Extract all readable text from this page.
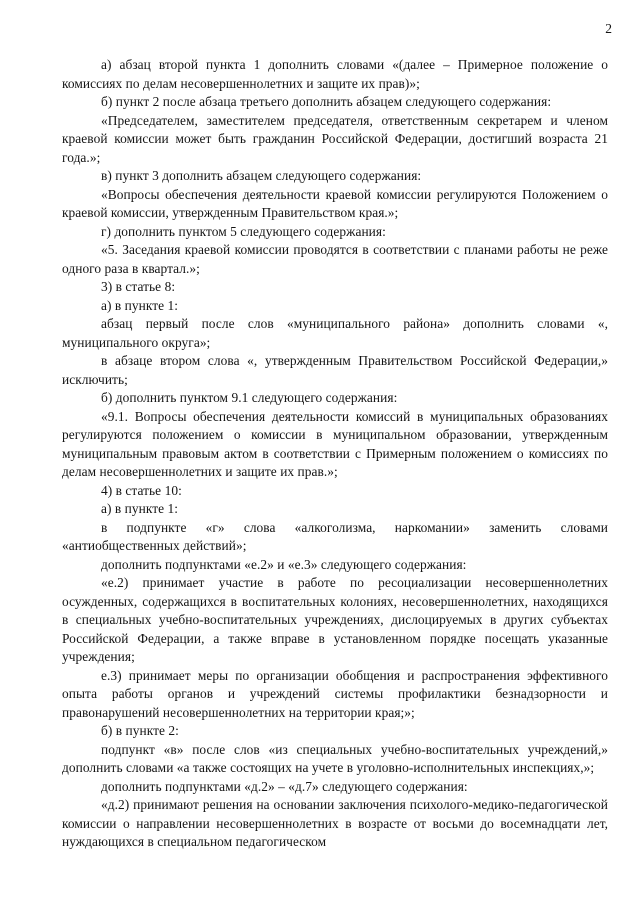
2

а) абзац второй пункта 1 дополнить словами «(далее – Примерное положение о комиссиях по делам несовершеннолетних и защите их прав)»;

б) пункт 2 после абзаца третьего дополнить абзацем следующего содержания:

«Председателем, заместителем председателя, ответственным секретарем и членом краевой комиссии может быть гражданин Российской Федерации, достигший возраста 21 года.»;

в) пункт 3 дополнить абзацем следующего содержания:

«Вопросы обеспечения деятельности краевой комиссии регулируются Положением о краевой комиссии, утвержденным Правительством края.»;

г) дополнить пунктом 5 следующего содержания:

«5. Заседания краевой комиссии проводятся в соответствии с планами работы не реже одного раза в квартал.»;

3) в статье 8:

а) в пункте 1:

абзац первый после слов «муниципального района» дополнить словами «, муниципального округа»;

в абзаце втором слова «, утвержденным Правительством Российской Федерации,» исключить;

б) дополнить пунктом 9.1 следующего содержания:

«9.1. Вопросы обеспечения деятельности комиссий в муниципальных образованиях регулируются положением о комиссии в муниципальном образовании, утвержденным муниципальным правовым актом в соответствии с Примерным положением о комиссиях по делам несовершеннолетних и защите их прав.»;

4) в статье 10:

а) в пункте 1:

в подпункте «г» слова «алкоголизма, наркомании» заменить словами «антиобщественных действий»;

дополнить подпунктами «е.2» и «е.3» следующего содержания:

«е.2) принимает участие в работе по ресоциализации несовершеннолетних осужденных, содержащихся в воспитательных колониях, несовершеннолетних, находящихся в специальных учебно-воспитательных учреждениях, дислоцируемых в других субъектах Российской Федерации, а также вправе в установленном порядке посещать указанные учреждения;

е.3) принимает меры по организации обобщения и распространения эффективного опыта работы органов и учреждений системы профилактики безнадзорности и правонарушений несовершеннолетних на территории края;»;

б) в пункте 2:

подпункт «в» после слов «из специальных учебно-воспитательных учреждений,» дополнить словами «а также состоящих на учете в уголовно-исполнительных инспекциях,»;

дополнить подпунктами «д.2» – «д.7» следующего содержания:

«д.2) принимают решения на основании заключения психолого-медико-педагогической комиссии о направлении несовершеннолетних в возрасте от восьми до восемнадцати лет, нуждающихся в специальном педагогическом
